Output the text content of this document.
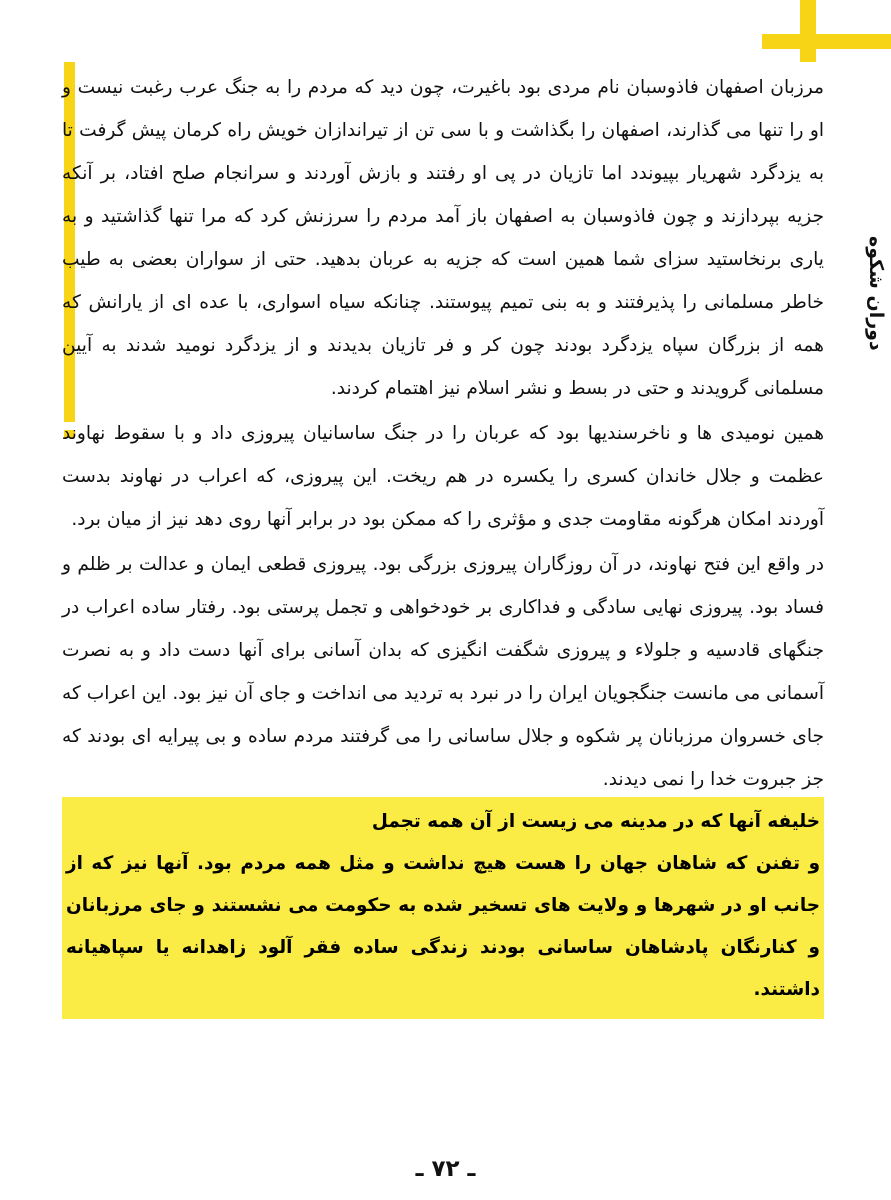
دوران شکوه

مرزبان اصفهان فاذوسبان نام مردی بود باغیرت، چون دید که مردم را به جنگ عرب رغبت نیست و او را تنها می گذارند، اصفهان را بگذاشت و با سی تن از تیراندازان خویش راه کرمان پیش گرفت تا به یزدگرد شهریار بپیوندد اما تازیان در پی او رفتند و بازش آوردند و سرانجام صلح افتاد، بر آنکه جزیه بپردازند و چون فاذوسبان به اصفهان باز آمد مردم را سرزنش کرد که مرا تنها گذاشتید و به یاری برنخاستید سزای شما همین است که جزیه به عربان بدهید. حتی از سواران بعضی به طیب خاطر مسلمانی را پذیرفتند و به بنی تمیم پیوستند. چنانکه سیاه اسواری، با عده ای از یارانش که همه از بزرگان سپاه یزدگرد بودند چون کر و فر تازیان بدیدند و از یزدگرد نومید شدند به آیین مسلمانی گرویدند و حتی در بسط و نشر اسلام نیز اهتمام کردند.

همین نومیدی ها و ناخرسندیها بود که عربان را در جنگ ساسانیان پیروزی داد و با سقوط نهاوند عظمت و جلال خاندان کسری را یکسره در هم ریخت. این پیروزی، که اعراب در نهاوند بدست آوردند امکان هرگونه مقاومت جدی و مؤثری را که ممکن بود در برابر آنها روی دهد نیز از میان برد.

در واقع این فتح نهاوند، در آن روزگاران پیروزی بزرگی بود. پیروزی قطعی ایمان و عدالت بر ظلم و فساد بود. پیروزی نهایی سادگی و فداکاری بر خودخواهی و تجمل پرستی بود. رفتار ساده اعراب در جنگهای قادسیه و جلولاء و پیروزی شگفت انگیزی که بدان آسانی برای آنها دست داد و به نصرت آسمانی می مانست جنگجویان ایران را در نبرد به تردید می انداخت و جای آن نیز بود. این اعراب که جای خسروان مرزبانان پر شکوه و جلال ساسانی را می گرفتند مردم ساده و بی پیرایه ای بودند که جز جبروت خدا را نمی دیدند.

خلیفه آنها که در مدینه می زیست از آن همه تجمل

و تفنن که شاهان جهان را هست هیچ نداشت و مثل همه مردم بود. آنها نیز که از جانب او در شهرها و ولایت های تسخیر شده به حکومت می نشستند و جای مرزبانان و کنارنگان پادشاهان ساسانی بودند زندگی ساده فقر آلود زاهدانه یا سپاهیانه داشتند.

ـ ٧٢ ـ
